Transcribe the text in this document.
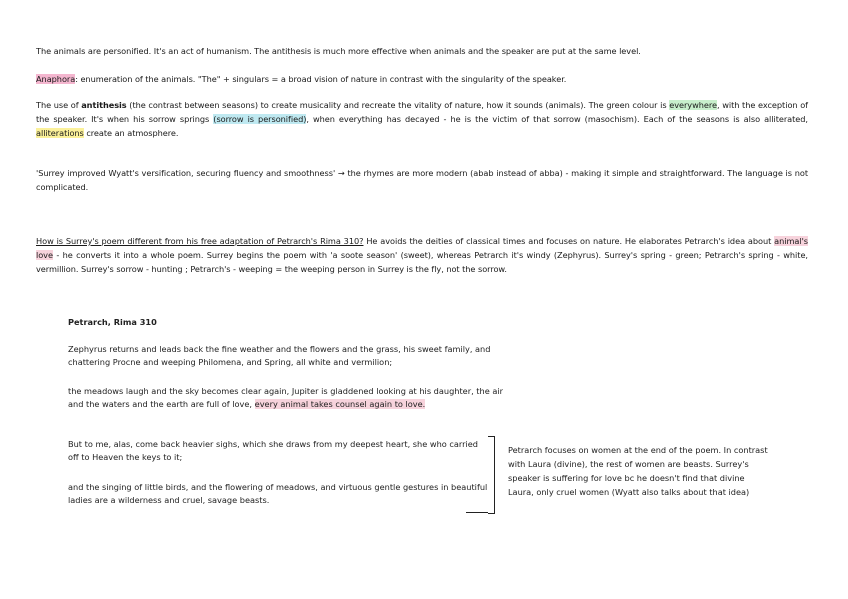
The animals are personified. It's an act of humanism. The antithesis is much more effective when animals and the speaker are put at the same level.
Anaphora: enumeration of the animals. "The" + singulars = a broad vision of nature in contrast with the singularity of the speaker.
The use of antithesis (the contrast between seasons) to create musicality and recreate the vitality of nature, how it sounds (animals). The green colour is everywhere, with the exception of the speaker. It's when his sorrow springs (sorrow is personified), when everything has decayed - he is the victim of that sorrow (masochism). Each of the seasons is also alliterated, alliterations create an atmosphere.
'Surrey improved Wyatt's versification, securing fluency and smoothness' → the rhymes are more modern (abab instead of abba) - making it simple and straightforward. The language is not complicated.
How is Surrey's poem different from his free adaptation of Petrarch's Rima 310? He avoids the deities of classical times and focuses on nature. He elaborates Petrarch's idea about animal's love - he converts it into a whole poem. Surrey begins the poem with 'a soote season' (sweet), whereas Petrarch it's windy (Zephyrus). Surrey's spring - green; Petrarch's spring - white, vermillion. Surrey's sorrow - hunting ; Petrarch's - weeping = the weeping person in Surrey is the fly, not the sorrow.
Petrarch, Rima 310
Zephyrus returns and leads back the fine weather and the flowers and the grass, his sweet family, and chattering Procne and weeping Philomena, and Spring, all white and vermilion;
the meadows laugh and the sky becomes clear again, Jupiter is gladdened looking at his daughter, the air and the waters and the earth are full of love, every animal takes counsel again to love.
But to me, alas, come back heavier sighs, which she draws from my deepest heart, she who carried off to Heaven the keys to it;
and the singing of little birds, and the flowering of meadows, and virtuous gentle gestures in beautiful ladies are a wilderness and cruel, savage beasts.
Petrarch focuses on women at the end of the poem. In contrast with Laura (divine), the rest of women are beasts. Surrey's speaker is suffering for love bc he doesn't find that divine Laura, only cruel women (Wyatt also talks about that idea)
